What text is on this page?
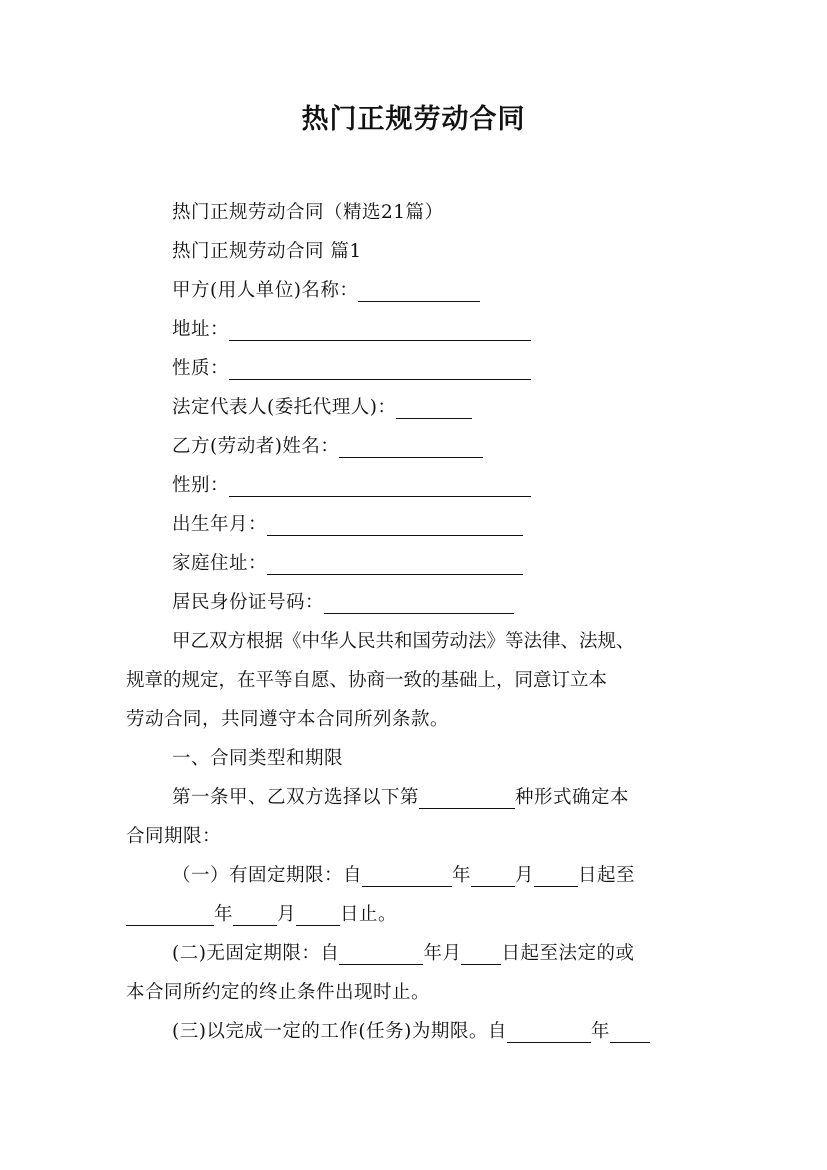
热门正规劳动合同
热门正规劳动合同（精选21篇）
热门正规劳动合同 篇1
甲方(用人单位)名称：
地址：
性质：
法定代表人(委托代理人)：
乙方(劳动者)姓名：
性别：
出生年月：
家庭住址：
居民身份证号码：
甲乙双方根据《中华人民共和国劳动法》等法律、法规、
规章的规定，在平等自愿、协商一致的基础上，同意订立本
劳动合同，共同遵守本合同所列条款。
一、合同类型和期限
第一条甲、乙双方选择以下第	种形式确定本
合同期限：
（一）有固定期限：自	年 月 日起至
年 月 日止。
(二)无固定期限：自	年月 日起至法定的或
本合同所约定的终止条件出现时止。
(三)以完成一定的工作(任务)为期限。自	年
